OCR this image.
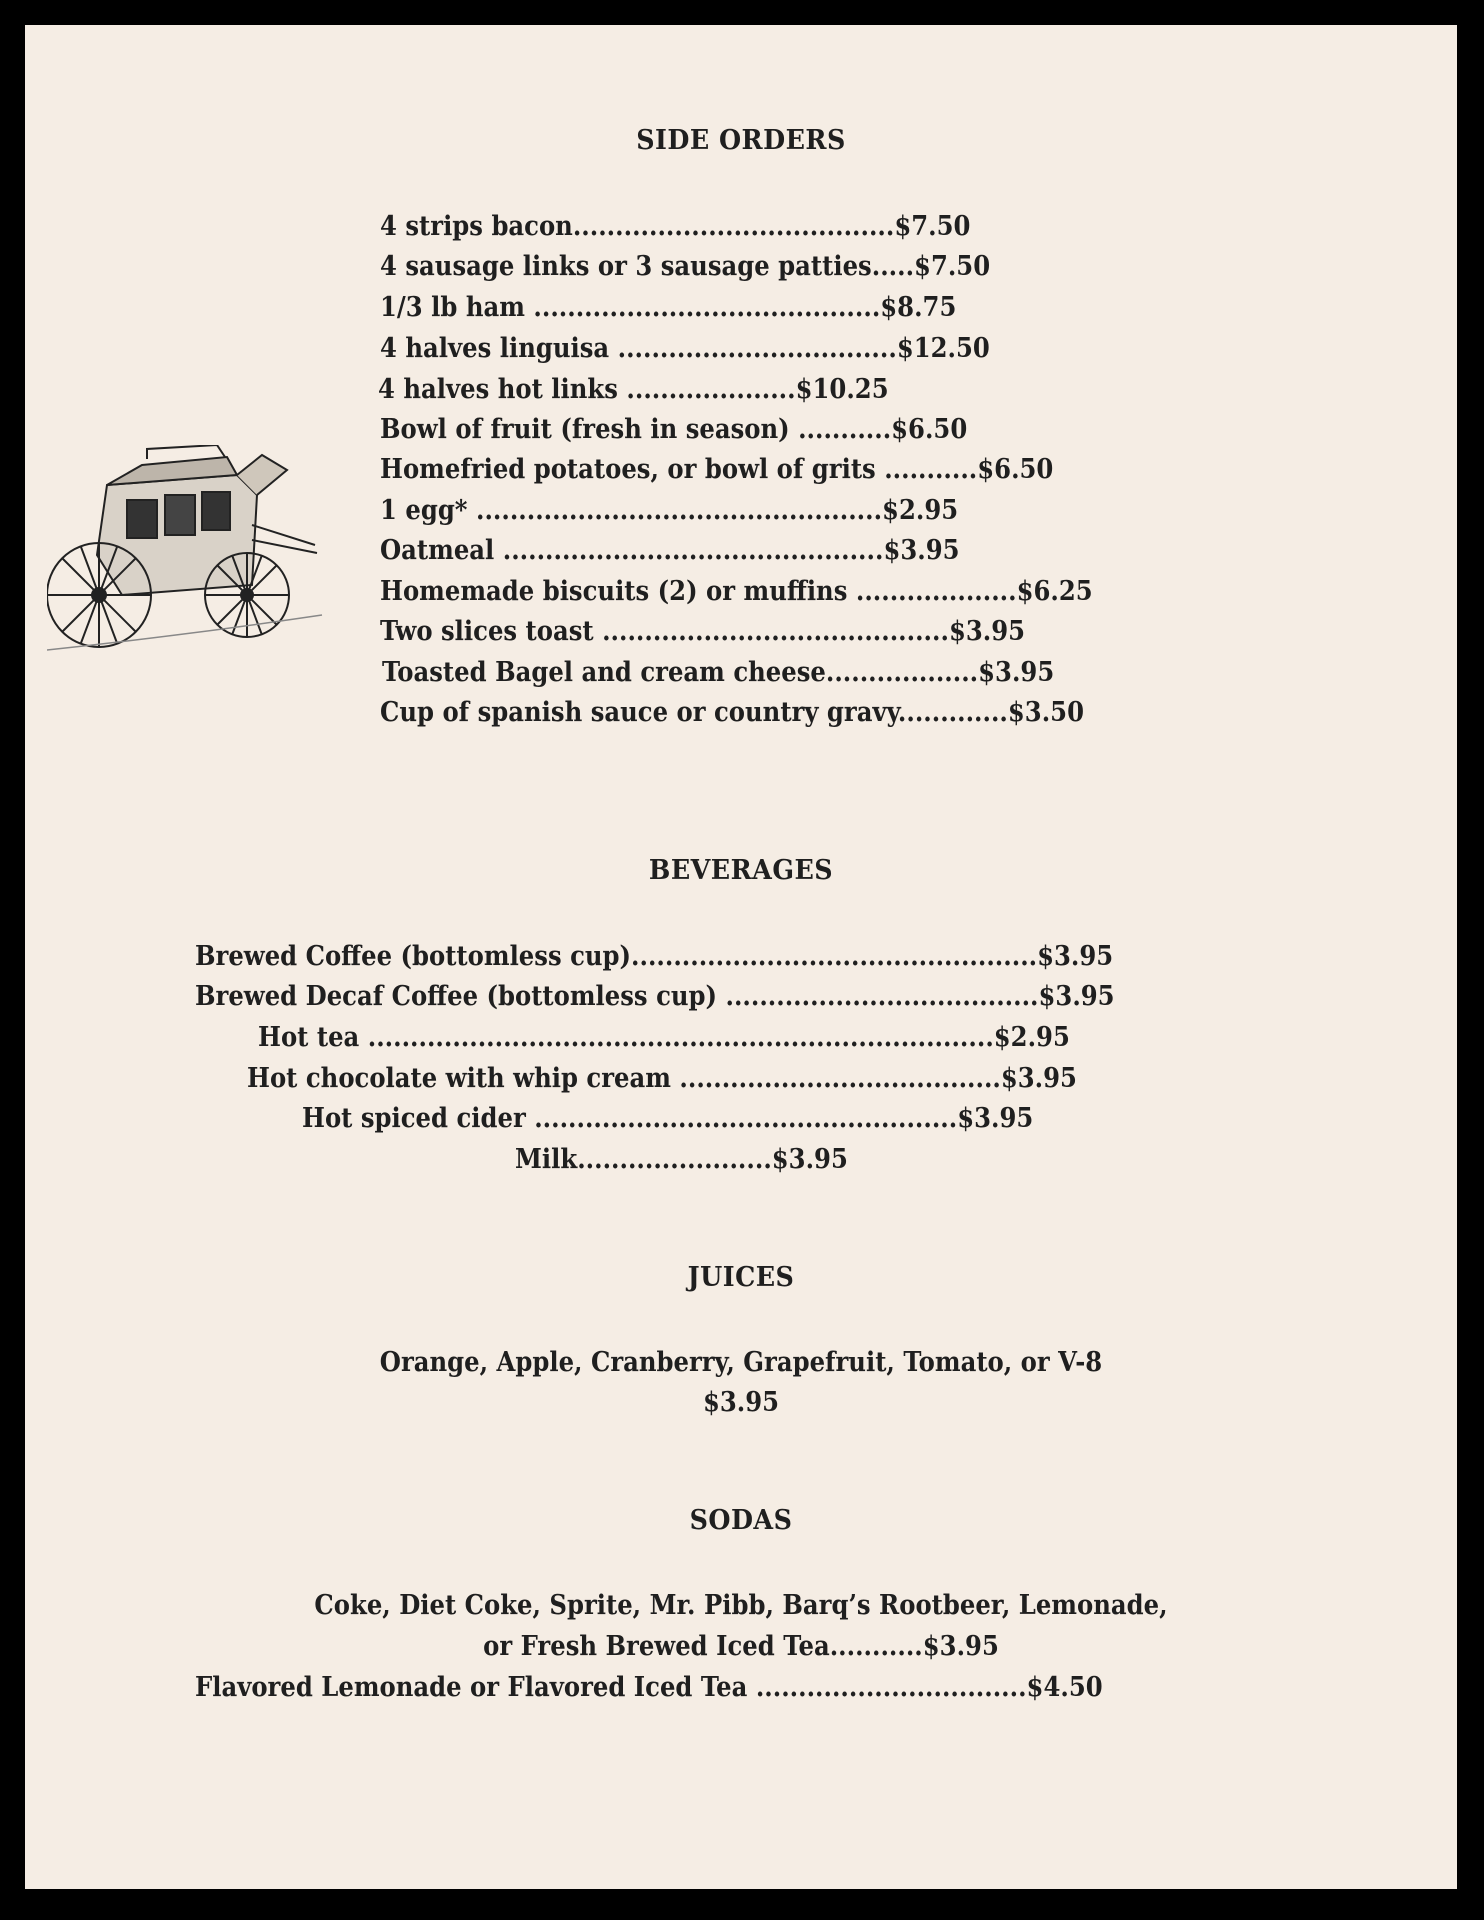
SIDE ORDERS
4 strips bacon......................................$7.50
4 sausage links or 3 sausage patties.....$7.50
1/3 lb ham .........................................$8.75
4 halves linguisa .................................$12.50
4 halves hot links ....................$10.25
Bowl of fruit (fresh in season) ...........$6.50
Homefried potatoes, or bowl of grits ...........$6.50
1 egg* ................................................$2.95
Oatmeal .............................................$3.95
Homemade biscuits (2) or muffins ...................$6.25
Two slices toast .........................................$3.95
Toasted Bagel and cream cheese..................$3.95
Cup of spanish sauce or country gravy.............$3.50
BEVERAGES
Brewed Coffee (bottomless cup)................................................$3.95
Brewed Decaf Coffee (bottomless cup) .....................................$3.95
Hot tea ..........................................................................$2.95
Hot chocolate with whip cream ......................................$3.95
Hot spiced cider ..................................................$3.95
Milk.......................$3.95
JUICES
Orange, Apple, Cranberry, Grapefruit, Tomato, or V-8
$3.95
SODAS
Coke, Diet Coke, Sprite, Mr. Pibb, Barq’s Rootbeer, Lemonade,
or Fresh Brewed Iced Tea...........$3.95
Flavored Lemonade or Flavored Iced Tea ................................$4.50
